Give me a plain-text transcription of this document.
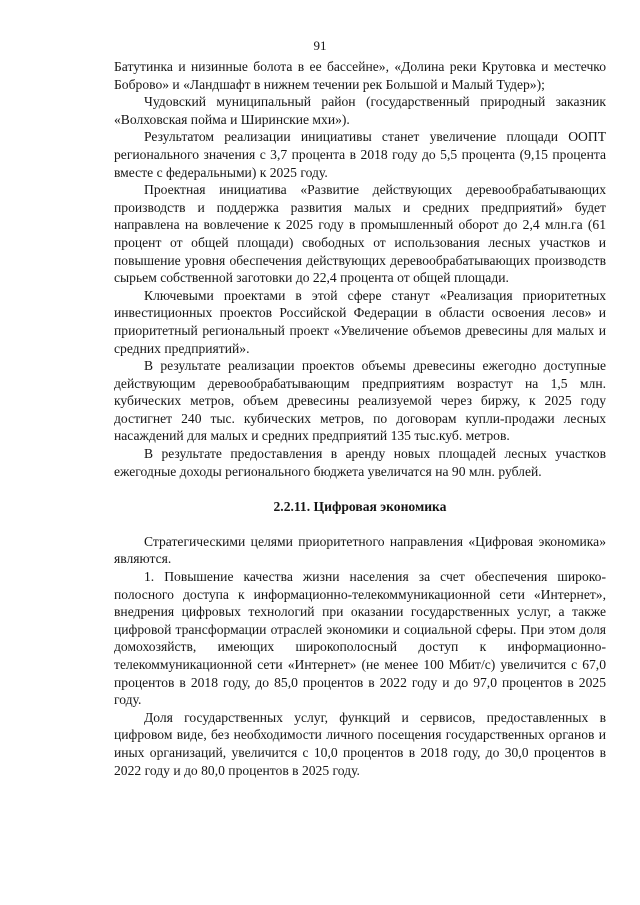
91

Батутинка и низинные болота в ее бассейне», «Долина реки Крутовка и местечко Боброво» и «Ландшафт в нижнем течении рек Большой и Малый Тудер»);

Чудовский муниципальный район (государственный природный заказник «Волховская пойма и Ширинские мхи»).

Результатом реализации инициативы станет увеличение площади ООПТ регионального значения с 3,7 процента в 2018 году до 5,5 процента (9,15 процента вместе с федеральными) к 2025 году.

Проектная инициатива «Развитие действующих деревообрабатывающих производств и поддержка развития малых и средних предприятий» будет направлена на вовлечение к 2025 году в промышленный оборот до 2,4 млн.га (61 процент от общей площади) свободных от использования лесных участков и повышение уровня обеспечения действующих деревообрабатывающих производств сырьем собственной заготовки до 22,4 процента от общей площади.

Ключевыми проектами в этой сфере станут «Реализация приоритетных инвестиционных проектов Российской Федерации в области освоения лесов» и приоритетный региональный проект «Увеличение объемов древесины для малых и средних предприятий».

В результате реализации проектов объемы древесины ежегодно доступные действующим деревообрабатывающим предприятиям возрастут на 1,5 млн. кубических метров, объем древесины реализуемой через биржу, к 2025 году достигнет 240 тыс. кубических метров, по договорам купли-продажи лесных насаждений для малых и средних предприятий 135 тыс.куб. метров.

В результате предоставления в аренду новых площадей лесных участков ежегодные доходы регионального бюджета увеличатся на 90 млн. рублей.

2.2.11. Цифровая экономика

Стратегическими целями приоритетного направления «Цифровая экономика» являются.

1. Повышение качества жизни населения за счет обеспечения широкополосного доступа к информационно-телекоммуникационной сети «Интернет», внедрения цифровых технологий при оказании государственных услуг, а также цифровой трансформации отраслей экономики и социальной сферы. При этом доля домохозяйств, имеющих широкополосный доступ к информационно-телекоммуникационной сети «Интернет» (не менее 100 Мбит/с) увеличится с 67,0 процентов в 2018 году, до 85,0 процентов в 2022 году и до 97,0 процентов в 2025 году.

Доля государственных услуг, функций и сервисов, предоставленных в цифровом виде, без необходимости личного посещения государственных органов и иных организаций, увеличится с 10,0 процентов в 2018 году, до 30,0 процентов в 2022 году и до 80,0 процентов в 2025 году.
